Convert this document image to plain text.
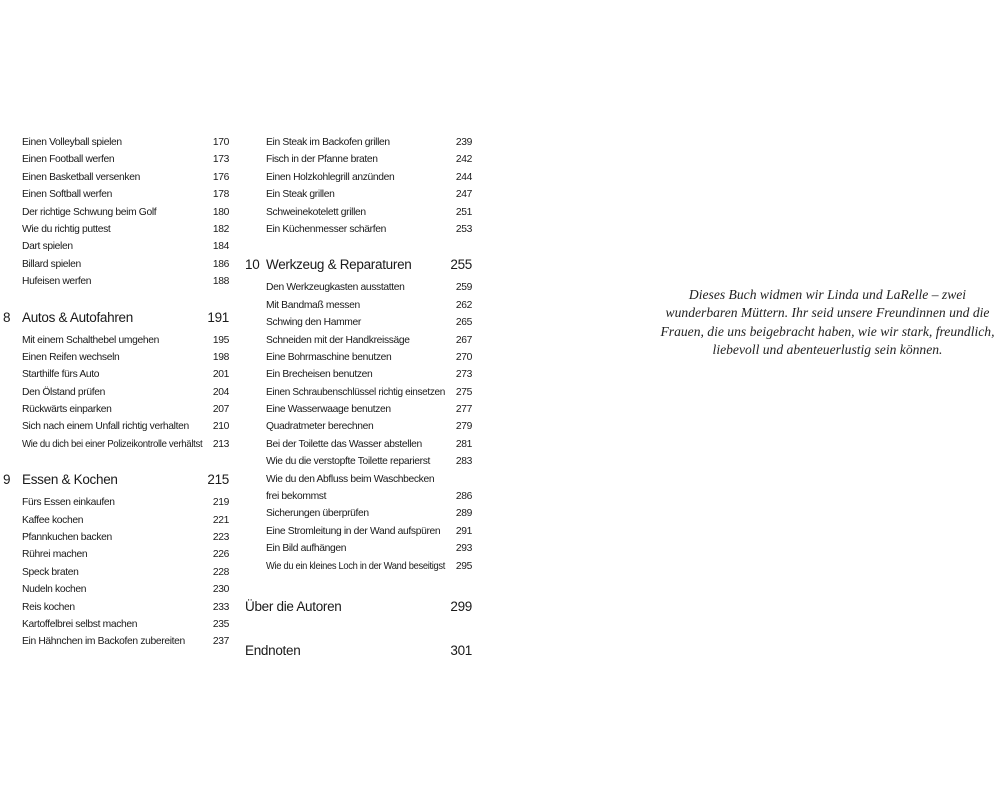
Einen Volleyball spielen	170
Einen Football werfen	173
Einen Basketball versenken	176
Einen Softball werfen	178
Der richtige Schwung beim Golf	180
Wie du richtig puttest	182
Dart spielen	184
Billard spielen	186
Hufeisen werfen	188
8 Autos & Autofahren	191
Mit einem Schalthebel umgehen	195
Einen Reifen wechseln	198
Starthilfe fürs Auto	201
Den Ölstand prüfen	204
Rückwärts einparken	207
Sich nach einem Unfall richtig verhalten 210
Wie du dich bei einer Polizeikontrolle verhältst 213
9 Essen & Kochen	215
Fürs Essen einkaufen	219
Kaffee kochen	221
Pfannkuchen backen	223
Rührei machen	226
Speck braten	228
Nudeln kochen	230
Reis kochen	233
Kartoffelbrei selbst machen	235
Ein Hähnchen im Backofen zubereiten	237
Ein Steak im Backofen grillen	239
Fisch in der Pfanne braten	242
Einen Holzkohlegrill anzünden	244
Ein Steak grillen	247
Schweinekotelett grillen	251
Ein Küchenmesser schärfen	253
10 Werkzeug & Reparaturen	255
Den Werkzeugkasten ausstatten	259
Mit Bandmaß messen	262
Schwing den Hammer	265
Schneiden mit der Handkreissäge	267
Eine Bohrmaschine benutzen	270
Ein Brecheisen benutzen	273
Einen Schraubenschlüssel richtig einsetzen 275
Eine Wasserwaage benutzen	277
Quadratmeter berechnen	279
Bei der Toilette das Wasser abstellen	281
Wie du die verstopfte Toilette reparierst	283
Wie du den Abfluss beim Waschbecken
frei bekommst	286
Sicherungen überprüfen	289
Eine Stromleitung in der Wand aufspüren 291
Ein Bild aufhängen	293
Wie du ein kleines Loch in der Wand beseitigst 295
Über die Autoren	299
Endnoten	301

Dieses Buch widmen wir Linda und LaRelle – zwei wunderbaren Müttern. Ihr seid unsere Freundinnen und die Frauen, die uns beigebracht haben, wie wir stark, freundlich, liebevoll und abenteuerlustig sein können.
